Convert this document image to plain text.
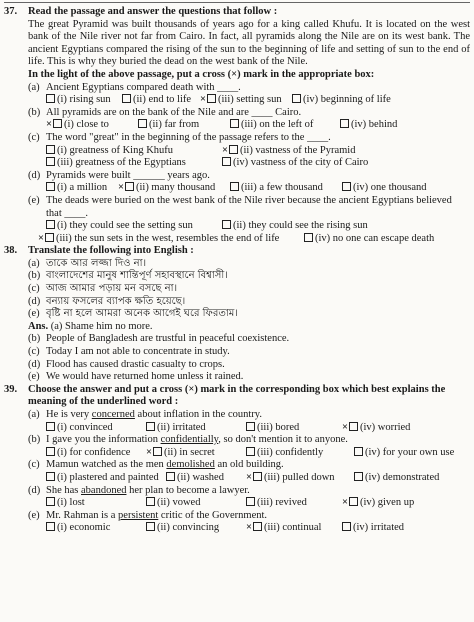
37.	Read the passage and answer the questions that follow :
The great Pyramid was built thousands of years ago for a king called Khufu. It is located on the west bank of the Nile river not far from Cairo. In fact, all pyramids along the Nile are on its west bank. The ancient Egyptians compared the rising of the sun to the beginning of life and setting of sun to the end of life. This is why they buried the dead on the west bank of the Nile.
In the light of the above passage, put a cross (×) mark in the appropriate box:
(a) Ancient Egyptians compared death with ____.
(i) rising sun	(ii) end to life × (iii) setting sun	(iv) beginning of life
(b) All pyramids are on the bank of the Nile and are ____ Cairo.
× (i) close to	(ii) far from	(iii) on the left of	(iv) behind
(c) The word "great" in the beginning of the passage refers to the ____.
(i) greatness of King Khufu	× (ii) vastness of the Pyramid
(iii) greatness of the Egyptians	(iv) vastness of the city of Cairo
(d) Pyramids were built ______ years ago.
(i) a million	× (ii) many thousand	(iii) a few thousand	(iv) one thousand
(e) The deads were buried on the west bank of the Nile river because the ancient Egyptians believed that ____.
(i) they could see the setting sun	(ii) they could see the rising sun
× (iii) the sun sets in the west, resembles the end of life	(iv) no one can escape death
38.	Translate the following into English :
(a) তাকে আর লজ্জা দিও না।
(b) বাংলাদেশের মানুষ শান্তিপূর্ণ সহাবস্থানে বিশ্বাসী।
(c) আজ আমার পড়ায় মন বসছে না।
(d) বন্যায় ফসলের ব্যাপক ক্ষতি হয়েছে।
(e) বৃষ্টি না হলে আমরা অনেক আগেই ঘরে ফিরতাম।
Ans. (a) Shame him no more.
(b) People of Bangladesh are trustful in peaceful coexistence.
(c) Today I am not able to concentrate in study.
(d) Flood has caused drastic casualty to crops.
(e) We would have returned home unless it rained.
39.	Choose the answer and put a cross (×) mark in the corresponding box which best explains the meaning of the underlined word :
(a) He is very concerned about inflation in the country.
(i) convinced	(ii) irritated	(iii) bored	× (iv) worried
(b) I gave you the information confidentially, so don't mention it to anyone.
(i) for confidence	× (ii) in secret	(iii) confidently	(iv) for your own use
(c) Mamun watched as the men demolished an old building.
(i) plastered and painted	(ii) washed	× (iii) pulled down	(iv) demonstrated
(d) She has abandoned her plan to become a lawyer.
(i) lost	(ii) vowed	(iii) revived	× (iv) given up
(e) Mr. Rahman is a persistent critic of the Government.
(i) economic	(ii) convincing	× (iii) continual	(iv) irritated
